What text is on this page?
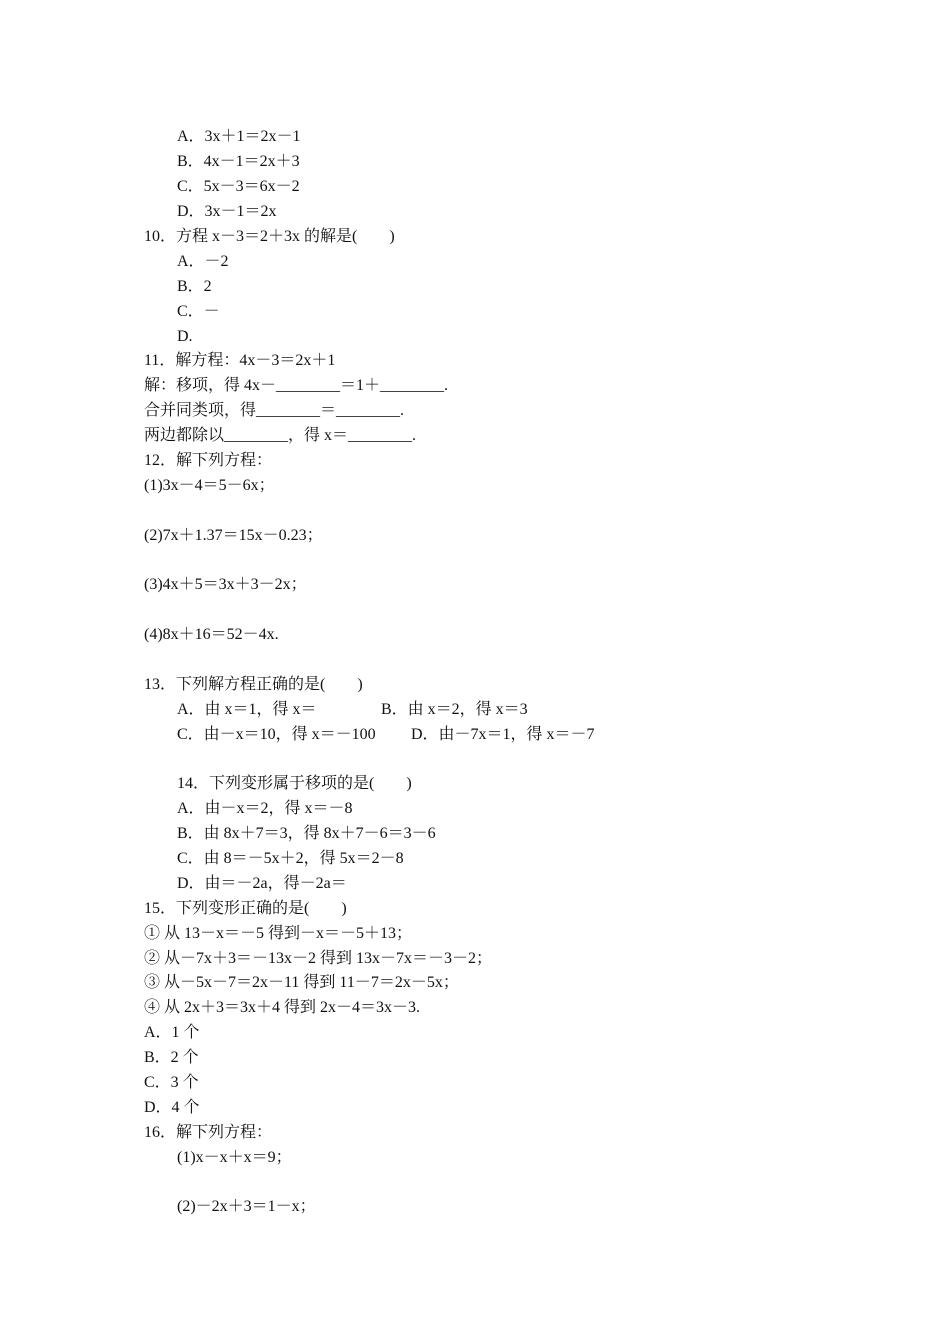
A．3x＋1＝2x－1
B．4x－1＝2x＋3
C．5x－3＝6x－2
D．3x－1＝2x
10．方程 x－3＝2＋3x 的解是(　　)
A．－2
B．2
C．－
D.
11．解方程：4x－3＝2x＋1
解：移项，得 4x－________＝1＋________.
合并同类项，得________＝________.
两边都除以________，得 x＝________.
12．解下列方程：
(1)3x－4＝5－6x；
(2)7x＋1.37＝15x－0.23；
(3)4x＋5＝3x＋3－2x；
(4)8x＋16＝52－4x.
13．下列解方程正确的是(　　)
A．由 x＝1，得 x＝	B．由 x＝2，得 x＝3
C．由－x＝10，得 x＝－100 D．由－7x＝1，得 x＝－7
14．下列变形属于移项的是(　　)
A．由－x＝2，得 x＝－8
B．由 8x＋7＝3，得 8x＋7－6＝3－6
C．由 8＝－5x＋2，得 5x＝2－8
D．由＝－2a，得－2a＝
15．下列变形正确的是(　　)
① 从 13－x＝－5 得到－x＝－5＋13；
② 从－7x＋3＝－13x－2 得到 13x－7x＝－3－2；
③ 从－5x－7＝2x－11 得到 11－7＝2x－5x；
④ 从 2x＋3＝3x＋4 得到 2x－4＝3x－3.
A．1 个
B．2 个
C．3 个
D．4 个
16．解下列方程：
(1)x－x＋x＝9；
(2)－2x＋3＝1－x；
